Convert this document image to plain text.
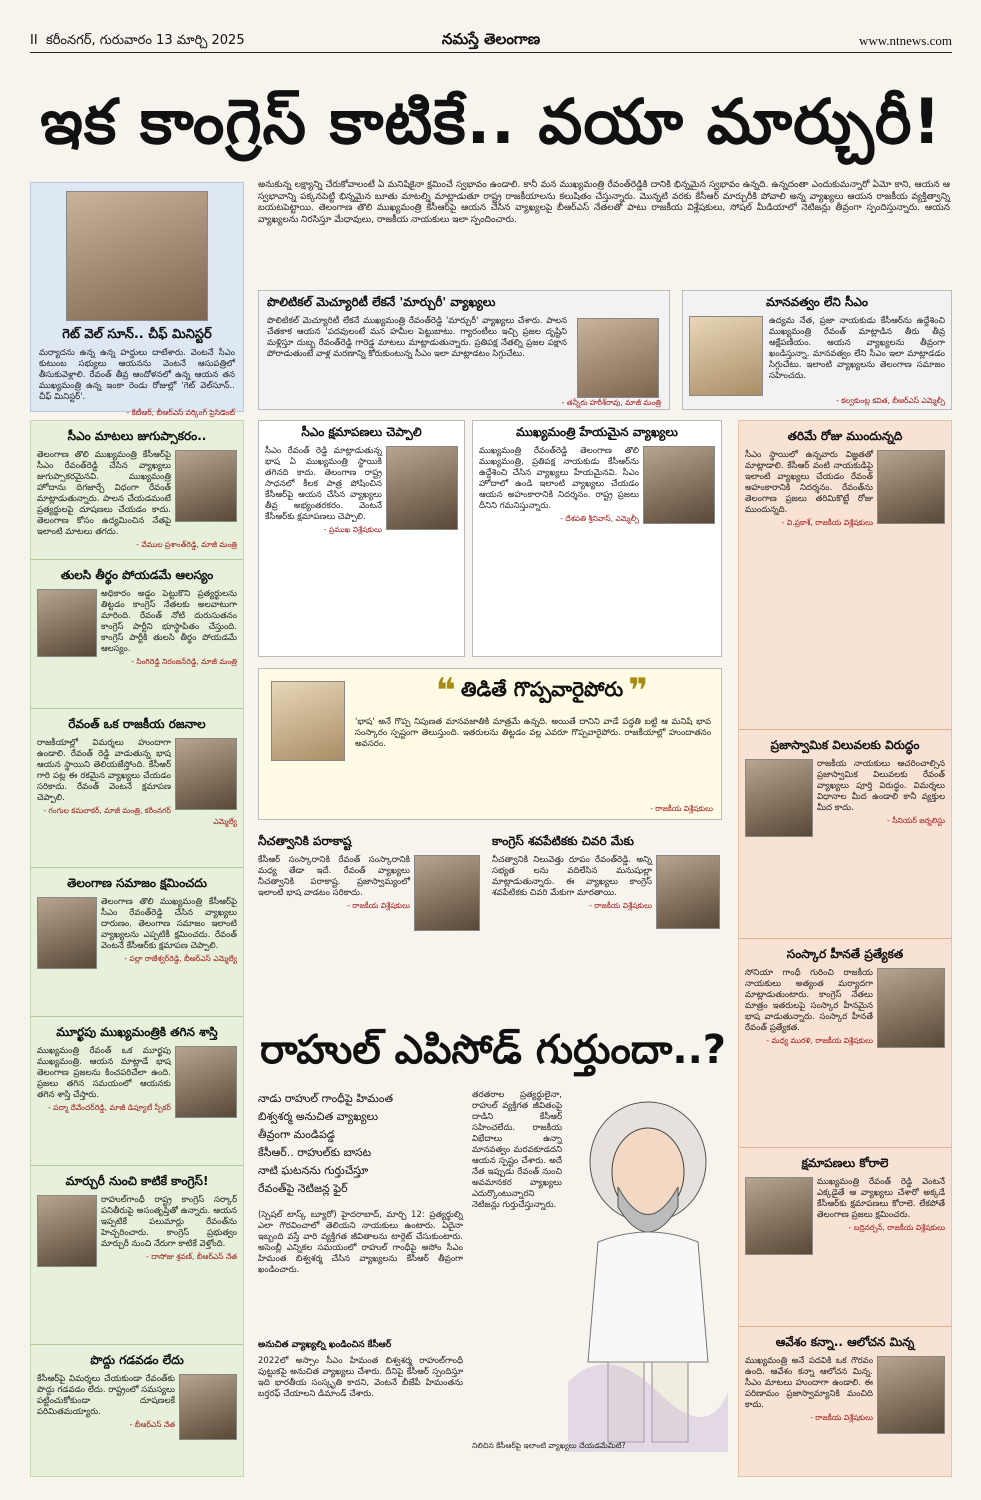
II కరీంనగర్, గురువారం 13 మార్చి 2025	నమస్తే తెలంగాణ	www.ntnews.com
ఇక కాంగ్రెస్ కాటికే.. వయా మార్చురీ!
గెట్ వెల్ సూన్.. చీఫ్ మినిస్టర్
మర్యాదను ఉన్న ఉన్న హద్దులు దాటేశారు. వెంటనే సీఎం కుటుంబ సభ్యులు ఆయనను వెంటనే ఆసుపత్రిలో తీసుకువెళ్లాలి. రేవంత్ తీవ్ర ఆందోళనలో ఉన్న ఆయన తన ముఖ్యమంత్రి ఉన్న ఇంకా రెండు రోజుల్లో 'గెట్ వెల్‌సూన్.. చీఫ్ మినిస్టర్'.
- కేటీఆర్, బీఆర్ఎస్ వర్కింగ్ ప్రెసిడెంట్
అనుకున్న లక్ష్యాన్ని చేరుకోవాలంటే ఏ మనిషికైనా క్షమించే స్వభావం ఉండాలి. కానీ మన ముఖ్యమంత్రి రేవంత్‌రెడ్డికి దానికి భిన్నమైన స్వభావం ఉన్నది. ఉన్నదంతా ఎందుకుమన్నారో ఏమో కాని, ఆయన ఆ స్వభావాన్ని పక్కనపెట్టి భిన్నమైన బూతు మాటల్ని మాట్లాడుతూ రాష్ట్ర రాజకీయాలను కలుషితం చేస్తున్నారు. మొన్నటి వరకు కేసీఆర్ మార్చురీకి పోవాలి అన్న వ్యాఖ్యలు ఆయన రాజకీయ వ్యక్తిత్వాన్ని బయటపెట్టాయి. తెలంగాణ తొలి ముఖ్యమంత్రి కేసీఆర్‌పై ఆయన చేసిన వ్యాఖ్యలపై బీఆర్ఎస్ నేతలతో పాటు రాజకీయ విశ్లేషకులు, సోషల్ మీడియాలో నెటిజన్లు తీవ్రంగా స్పందిస్తున్నారు. ఆయన వ్యాఖ్యలను నిరసిస్తూ మేధావులు, రాజకీయ నాయకులు ఇలా స్పందించారు.
పొలిటికల్ మెచ్యూరిటీ లేకనే 'మార్చురీ' వ్యాఖ్యలు
పొలిటికల్ మెచ్యూరిటీ లేకనే ముఖ్యమంత్రి రేవంత్‌రెడ్డి 'మార్చురీ' వ్యాఖ్యలు చేశారు. పాలన చేతకాక ఆయన 'పదవులంటే మన హమీల పెట్టుబాటు. గ్యారంటీలు ఇచ్చి ప్రజల దృష్టిని మళ్లిస్తూ దుబ్బ రేవంత్‌రెడ్డి గారెడ్డ మాటలు మాట్లాడుతున్నారు. ప్రతిపక్ష నేతల్ని ప్రజల పక్షాన పోరాడుతుంటే వాళ్ల మరణాన్ని కోరుకుంటున్న సీఎం ఇలా మాట్లాడటం సిగ్గుచేటు.
- తన్నీరు హరీశ్‌రావు, మాజీ మంత్రి
మానవత్వం లేని సీఎం
ఉద్యమ నేత, ప్రజా నాయకుడు కేసీఆర్‌ను ఉద్దేశించి ముఖ్యమంత్రి రేవంత్ మాట్లాడిన తీరు తీవ్ర ఆక్షేపణీయం. ఆయన వ్యాఖ్యలను తీవ్రంగా ఖండిస్తున్నా. మానవత్వం లేని సీఎం ఇలా మాట్లాడడం సిగ్గుచేటు. ఇలాంటి వ్యాఖ్యలను తెలంగాణ సమాజం సహించదు.
- కల్వకుంట్ల కవిత, బీఆర్ఎస్ ఎమ్మెల్సీ
సీఎం మాటలు జుగుప్సాకరం..
తెలంగాణ తొలి ముఖ్యమంత్రి కేసీఆర్‌పై సీఎం రేవంత్‌రెడ్డి చేసిన వ్యాఖ్యలు జుగుప్సాకరమైనవి. ముఖ్యమంత్రి హోదాను దిగజార్చే విధంగా రేవంత్ మాట్లాడుతున్నారు. పాలన చేయడమంటే ప్రత్యర్థులపై దూషణలు చేయడం కాదు. తెలంగాణ కోసం ఉద్యమించిన నేతపై ఇలాంటి మాటలు తగదు.
- వేముల ప్రశాంత్‌రెడ్డి, మాజీ మంత్రి
తులసి తీర్థం పోయడమే ఆలస్యం
అధికారం అడ్డం పెట్టుకొని ప్రత్యర్థులను తిట్టడం కాంగ్రెస్ నేతలకు అలవాటుగా మారింది. రేవంత్ నోటి దురుసుతనం కాంగ్రెస్ పార్టీని భూస్థాపితం చేస్తుంది. కాంగ్రెస్ పార్టీకి తులసి తీర్థం పోయడమే ఆలస్యం.
- సింగిరెడ్డి నిరంజన్‌రెడ్డి, మాజీ మంత్రి
రేవంత్ ఒక రాజకీయ రజనాల
రాజకీయాల్లో విమర్శలు హుందాగా ఉండాలి. రేవంత్ రెడ్డి వాడుతున్న భాష ఆయన స్థాయిని తెలియజేస్తోంది. కేసీఆర్ గారి పట్ల ఈ రకమైన వ్యాఖ్యలు చేయడం సరికాదు. రేవంత్ వెంటనే క్షమాపణ చెప్పాలి.
- గంగుల కమలాకర్, మాజీ మంత్రి, కరీంనగర్ ఎమ్మెల్యే
తెలంగాణ సమాజం క్షమించదు
తెలంగాణ తొలి ముఖ్యమంత్రి కేసీఆర్‌పై సీఎం రేవంత్‌రెడ్డి చేసిన వ్యాఖ్యలు దారుణం. తెలంగాణ సమాజం ఇలాంటి వ్యాఖ్యలను ఎప్పటికీ క్షమించదు. రేవంత్ వెంటనే కేసీఆర్‌కు క్షమాపణ చెప్పాలి.
- పల్లా రాజేశ్వర్‌రెడ్డి, బీఆర్ఎస్ ఎమ్మెల్యే
మూర్ఖపు ముఖ్యమంత్రికి తగిన శాస్తి
ముఖ్యమంత్రి రేవంత్ ఒక మూర్ఖపు ముఖ్యమంత్రి. ఆయన మాట్లాడే భాష తెలంగాణ ప్రజలను కించపరిచేలా ఉంది. ప్రజలు తగిన సమయంలో ఆయనకు తగిన శాస్తి చేస్తారు.
- పద్మా దేవేందర్‌రెడ్డి, మాజీ డిప్యూటీ స్పీకర్
మార్చురీ నుంచి కాటికే కాంగ్రెస్!
రాహుల్‌గాంధీ రాష్ట్ర కాంగ్రెస్ సర్కార్ పనితీరుపై అసంతృప్తితో ఉన్నారు. ఆయన ఇప్పటికే పలుమార్లు రేవంత్‌ను హెచ్చరించారు. కాంగ్రెస్ ప్రభుత్వం మార్చురీ నుంచి నేరుగా కాటికే వెళ్తోంది.
- దాసోజు శ్రవణ్, బీఆర్ఎస్ నేత
పొద్దు గడవడం లేదు
కేసీఆర్‌పై విమర్శలు చేయకుండా రేవంత్‌కు పొద్దు గడవడం లేదు. రాష్ట్రంలో సమస్యలు పట్టించుకోకుండా దూషణలకే పరిమితమయ్యారు.
- బీఆర్ఎస్ నేత
సీఎం క్షమాపణలు చెప్పాలి
సీఎం రేవంత్ రెడ్డి మాట్లాడుతున్న భాష ఏ ముఖ్యమంత్రి స్థాయికి తగినది కాదు. తెలంగాణ రాష్ట్ర సాధనలో కీలక పాత్ర పోషించిన కేసీఆర్‌పై ఆయన చేసిన వ్యాఖ్యలు తీవ్ర అభ్యంతరకరం. వెంటనే కేసీఆర్‌కు క్షమాపణలు చెప్పాలి.
- ప్రముఖ విశ్లేషకులు
ముఖ్యమంత్రి హేయమైన వ్యాఖ్యలు
ముఖ్యమంత్రి రేవంత్‌రెడ్డి తెలంగాణ తొలి ముఖ్యమంత్రి, ప్రతిపక్ష నాయకుడు కేసీఆర్‌ను ఉద్దేశించి చేసిన వ్యాఖ్యలు హేయమైనవి. సీఎం హోదాలో ఉండి ఇలాంటి వ్యాఖ్యలు చేయడం ఆయన అహంకారానికి నిదర్శనం. రాష్ట్ర ప్రజలు దీనిని గమనిస్తున్నారు.
- దేశపతి శ్రీనివాస్, ఎమ్మెల్సీ
❝ తిడితే గొప్పవారైపోరు ❞
'భాష' అనే గొప్ప నిపుణత మానవజాతికి మాత్రమే ఉన్నది. అయితే దానిని వాడే పద్ధతి బట్టి ఆ మనిషి భావ సంస్కారం స్పష్టంగా తెలుస్తుంది. ఇతరులను తిట్టడం వల్ల ఎవరూ గొప్పవారైపోరు. రాజకీయాల్లో హుందాతనం అవసరం.
- రాజకీయ విశ్లేషకులు
నీచత్వానికి పరాకాష్ట
కేసీఆర్ సంస్కారానికి రేవంత్ సంస్కారానికి మధ్య తేడా ఇదే. రేవంత్ వ్యాఖ్యలు నీచత్వానికి పరాకాష్ట. ప్రజాస్వామ్యంలో ఇలాంటి భాష వాడటం సరికాదు.
- రాజకీయ విశ్లేషకులు
కాంగ్రెస్ శవపేటికకు చివరి మేకు
నీచత్వానికి నిలువెత్తు రూపం రేవంత్‌రెడ్డి. అన్ని సభ్యత లను వదిలేసిన మనుషుల్లా మాట్లాడుతున్నారు. ఈ వ్యాఖ్యలు కాంగ్రెస్ శవపేటికకు చివరి మేకుగా మారతాయి.
- రాజకీయ విశ్లేషకులు
రాహుల్ ఎపిసోడ్ గుర్తుందా..?
నాడు రాహుల్ గాంధీపై హిమంత
బిశ్వశర్మ అనుచిత వ్యాఖ్యలు
తీవ్రంగా మండిపడ్డ
కేసీఆర్.. రాహుల్‌కు బాసట
నాటి ఘటనను గుర్తుచేస్తూ
రేవంత్‌పై నెటిజన్ల ఫైర్
(స్పెషల్ టాస్క్ బ్యూరో) హైదరాబాద్, మార్చి 12: ప్రత్యర్థుల్ని ఎలా గౌరవించాలో తెలియని నాయకులు ఉంటారు. ఏదైనా ఇబ్బంది వస్తే వారి వ్యక్తిగత జీవితాలను టార్గెట్ చేసుకుంటారు. అసెంబ్లీ ఎన్నికల సమయంలో రాహుల్ గాంధీపై అసోం సీఎం హిమంత బిశ్వశర్మ చేసిన వ్యాఖ్యలను కేసీఆర్ తీవ్రంగా ఖండించారు.
అనుచిత వ్యాఖ్యల్ని ఖండించిన కేసీఆర్
2022లో అస్సాం సీఎం హిమంత బిశ్వశర్మ రాహుల్‌గాంధీ పుట్టుకపై అనుచిత వ్యాఖ్యలు చేశారు. దీనిపై కేసీఆర్ స్పందిస్తూ ఇది భారతీయ సంస్కృతి కాదని, వెంటనే బీజేపీ హిమంతను బర్తరఫ్ చేయాలని డిమాండ్ చేశారు.
తరతరాల ప్రత్యర్థులైనా, రాహుల్ వ్యక్తిగత జీవితంపై దాడిని కేసీఆర్ సహించలేదు. రాజకీయ విభేదాలు ఉన్నా మానవత్వం మరవకూడదని ఆయన స్పష్టం చేశారు. అదే నేత ఇప్పుడు రేవంత్ నుంచి అవమానకర వ్యాఖ్యలు ఎదుర్కొంటున్నారని నెటిజన్లు గుర్తుచేస్తున్నారు.
నిలిచిన కేసీఆర్‌పై ఇలాంటి వ్యాఖ్యలు చేయడమేమిటి?
తరిమే రోజు ముందున్నది
సీఎం స్థాయిలో ఉన్నవారు విజ్ఞతతో మాట్లాడాలి. కేసీఆర్ వంటి నాయకుడిపై ఇలాంటి వ్యాఖ్యలు చేయడం రేవంత్ అహంకారానికి నిదర్శనం. రేవంత్‌ను తెలంగాణ ప్రజలు తరిమికొట్టే రోజు ముందున్నది.
- వి.ప్రకాశ్, రాజకీయ విశ్లేషకులు
ప్రజాస్వామిక విలువలకు విరుద్ధం
రాజకీయ నాయకులు ఆచరించాల్సిన ప్రజాస్వామిక విలువలకు రేవంత్ వ్యాఖ్యలు పూర్తి విరుద్ధం. విమర్శలు విధానాల మీద ఉండాలి కానీ వ్యక్తుల మీద కాదు.
- సీనియర్ జర్నలిస్టు
సంస్కార హీనతే ప్రత్యేకత
సోనియా గాంధీ గురించి రాజకీయ నాయకులు అత్యంత మర్యాదగా మాట్లాడుతుంటారు. కాంగ్రెస్ నేతలు మాత్రం ఇతరులపై సంస్కార హీనమైన భాష వాడుతున్నారు. సంస్కార హీనతే రేవంత్ ప్రత్యేకత.
- మధ్య మురళి, రాజకీయ విశ్లేషకులు
క్షమాపణలు కోరాలె
ముఖ్యమంత్రి రేవంత్ రెడ్డి వెంటనే ఎక్కడైతే ఆ వ్యాఖ్యలు చేశారో అక్కడే కేసీఆర్‌కు క్షమాపణలు కోరాలె. లేకపోతే తెలంగాణ ప్రజలు క్షమించరు.
- బద్రినర్సన్, రాజకీయ విశ్లేషకులు
ఆవేశం కన్నా.. ఆలోచన మిన్న
ముఖ్యమంత్రి అనే పదవికి ఒక గౌరవం ఉంది. ఆవేశం కన్నా ఆలోచన మిన్న. సీఎం మాటలు హుందాగా ఉండాలి. ఈ పరిణామం ప్రజాస్వామ్యానికి మంచిది కాదు.
- రాజకీయ విశ్లేషకులు
